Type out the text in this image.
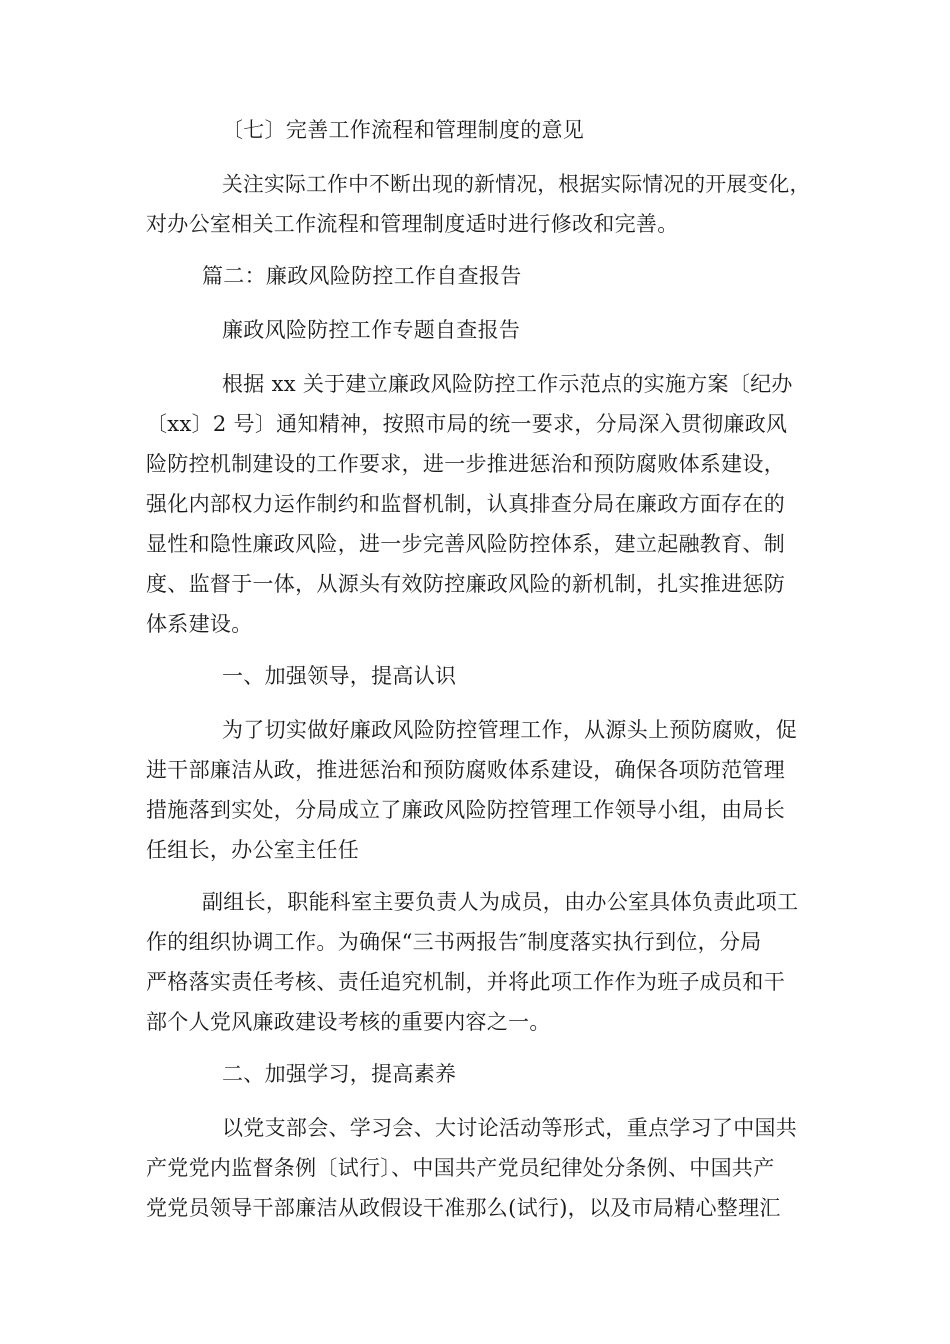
〔七〕完善工作流程和管理制度的意见
关注实际工作中不断出现的新情况，根据实际情况的开展变化，
对办公室相关工作流程和管理制度适时进行修改和完善。
篇二：廉政风险防控工作自查报告
廉政风险防控工作专题自查报告
根据 xx 关于建立廉政风险防控工作示范点的实施方案〔纪办
〔xx〕2 号〕通知精神，按照市局的统一要求，分局深入贯彻廉政风
险防控机制建设的工作要求，进一步推进惩治和预防腐败体系建设，
强化内部权力运作制约和监督机制，认真排查分局在廉政方面存在的
显性和隐性廉政风险，进一步完善风险防控体系，建立起融教育、制
度、监督于一体，从源头有效防控廉政风险的新机制，扎实推进惩防
体系建设。
一、加强领导，提高认识
为了切实做好廉政风险防控管理工作，从源头上预防腐败，促
进干部廉洁从政，推进惩治和预防腐败体系建设，确保各项防范管理
措施落到实处，分局成立了廉政风险防控管理工作领导小组，由局长
任组长，办公室主任任
副组长，职能科室主要负责人为成员，由办公室具体负责此项工
作的组织协调工作。为确保“三书两报告″制度落实执行到位，分局
严格落实责任考核、责任追究机制，并将此项工作作为班子成员和干
部个人党风廉政建设考核的重要内容之一。
二、加强学习，提高素养
以党支部会、学习会、大讨论活动等形式，重点学习了中国共
产党党内监督条例〔试行〕、中国共产党员纪律处分条例、中国共产
党党员领导干部廉洁从政假设干准那么(试行)，以及市局精心整理汇
